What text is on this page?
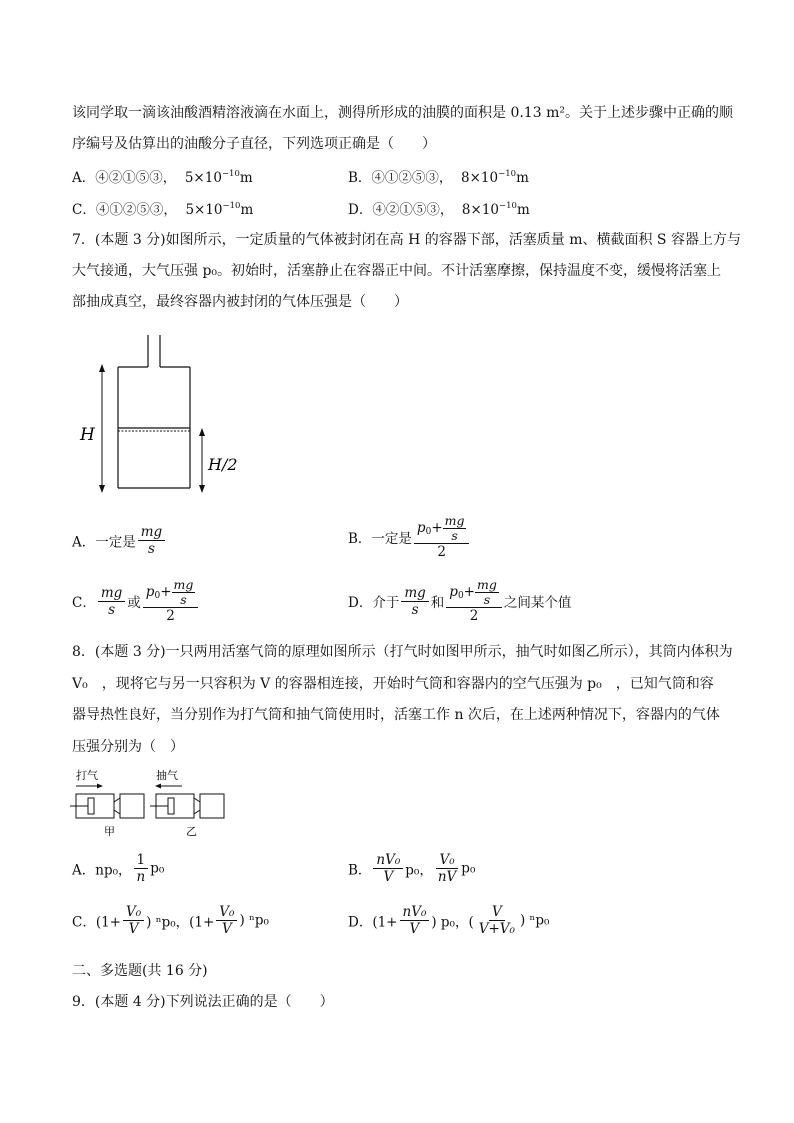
该同学取一滴该油酸酒精溶液滴在水面上，测得所形成的油膜的面积是 0.13 m²。关于上述步骤中正确的顺
序编号及估算出的油酸分子直径，下列选项正确是（　　）
A．④②①⑤③， $5\times 10^{-10}m$	B．④①②⑤③， $8\times 10^{-10}m$
C．④①②⑤③， $5\times 10^{-10}m$	D．④②①⑤③， $8\times 10^{-10}m$
7．(本题 3 分)如图所示，一定质量的气体被封闭在高 H 的容器下部，活塞质量 m、横截面积 S 容器上方与
大气接通，大气压强 p₀。初始时，活塞静止在容器正中间。不计活塞摩擦，保持温度不变，缓慢将活塞上
部抽成真空，最终容器内被封闭的气体压强是（　　）
H
H/2
A．一定是 $\frac{mg}{s}$	B．一定是 $\frac{p_0+ \frac{mg}{s}}{2}$
C． $\frac{mg}{s}$ 或 $\frac{p_0+ \frac{mg}{s}}{2}$	D．介于 $\frac{mg}{s}$ 和 $\frac{p_0+ \frac{mg}{s}}{2}$ 之间某个值
8．(本题 3 分)一只两用活塞气筒的原理如图所示（打气时如图甲所示，抽气时如图乙所示），其筒内体积为
V₀　，现将它与另一只容积为 V 的容器相连接，开始时气筒和容器内的空气压强为 p₀　，已知气筒和容
器导热性良好，当分别作为打气筒和抽气筒使用时，活塞工作 n 次后，在上述两种情况下，容器内的气体
压强分别为（　）
打气	抽气
甲	乙
A．np₀， $\frac{1}{n} p_0$	B． $\frac{\text{nV₀}}{V} p_0$， $\frac{\text{V₀}}{nV} p_0$
C．($1+ \frac{\text{V₀}}{V}$ ) ⁿp₀，($1+ \frac{\text{V₀}}{V}$ ) ⁿp₀	D．($1+ \frac{\text{nV₀}}{V}$ ) p₀，( $\frac{V}{\text{V+V₀}}$ ) ⁿp₀
二、多选题(共 16 分)
9．(本题 4 分)下列说法正确的是（　　）
